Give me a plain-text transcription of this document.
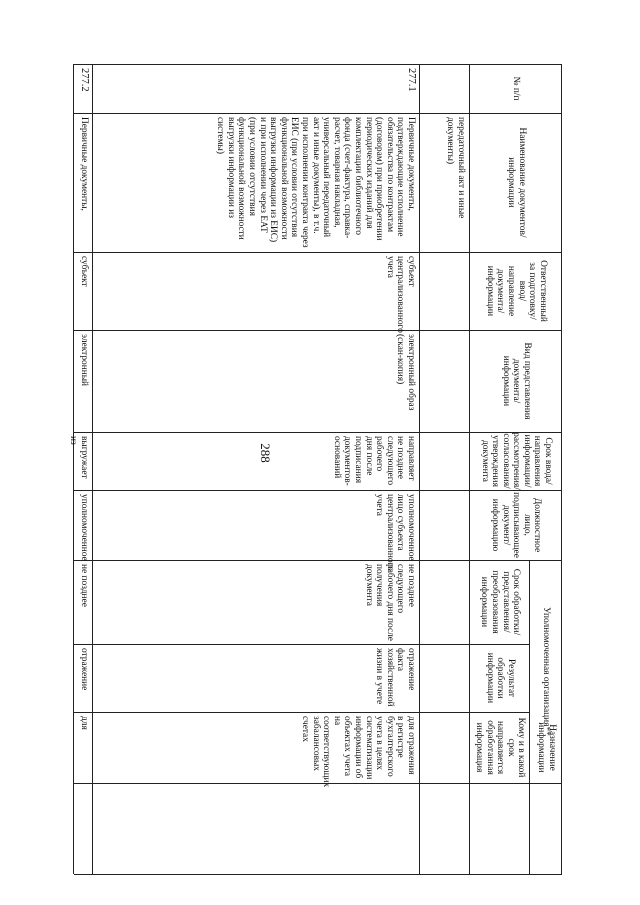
288
№ п/п
Наименование документов/информации
Ответственный за подготовку/ ввод/ направление документа/ информации
Вид представления документа/ информации
Срок ввода/ направления информации/ рассмотрения/ согласования/ утверждения документа
Должностное лицо, подписывающее документ/ информацию
Уполномоченная организация**
Срок обработки/ представления/ преобразования информации
Результат обработки информации
Назначение информации
Кому и в какой срок направляется обработанная информация
передаточный акт и иные документы)
277.1
Первичные документы, подтверждающие исполнение обязательства по контрактам (договорам) при приобретении периодических изданий для комплектации библиотечного фонда (счет-фактура, справка-расчет, товарная накладная, универсальный передаточный акт и иные документы), в т.ч. при исполнении контракта через ЕИС (при условии отсутствия функциональной возможности выгрузки информации из ЕИС) и при исполнении через ЕАТ (при условии отсутствия функциональной возможности выгрузки информации из системы)
субъект централизованного учета
электронный образ (скан-копия)
направляет не позднее следующего рабочего дня после подписания документов-оснований
уполномоченное лицо субъекта централизованного учета
не позднее следующего рабочего дня после получения документа
отражение факта хозяйственной жизни в учете
для отражения в регистре бухгалтерского учета в целях систематизации информации об объектах учета на соответствующих забалансовых счетах
277.2
Первичные документы,
субъект
электронный
выгружает из
уполномоченное
не позднее
отражение
для
